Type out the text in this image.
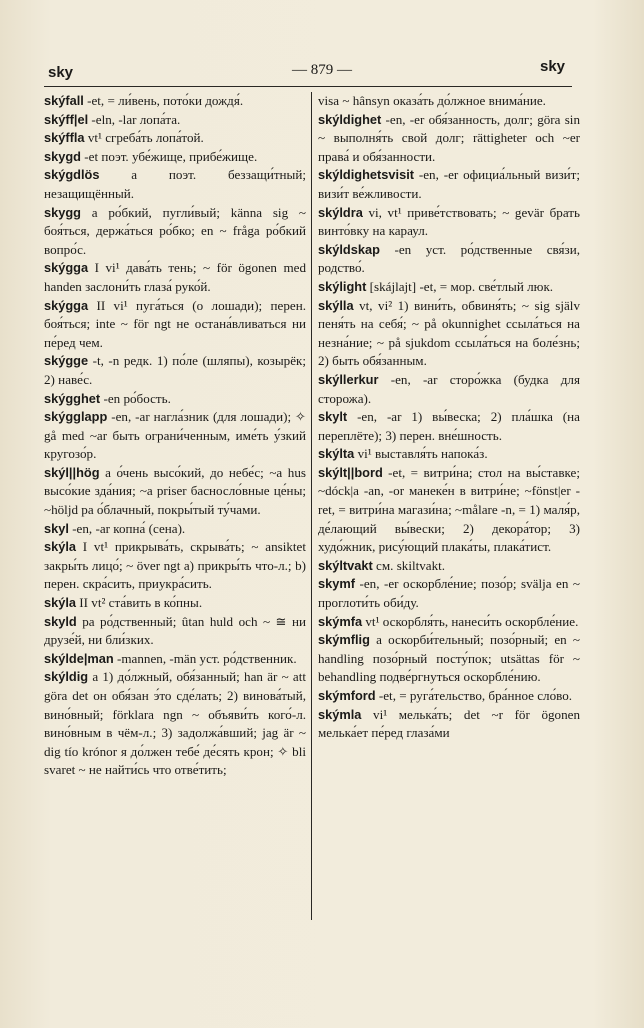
sky	— 879 —	sky

skýfall -et, = ли́вень, пото́ки дождя́.

skýff|el -eln, -lar лопа́та.

skýffla vt¹ сгреба́ть лопа́той.

skygd -et поэт. убе́жище, прибе́жище.

skýgdlös a поэт. беззащи́тный; незащищённый.

skygg a ро́бкий, пугли́вый; känna sig ~ боя́ться, держа́ться ро́бко; en ~ fråga ро́бкий вопро́с.

skýgga I vi¹ дава́ть тень; ~ för ögonen med handen заслони́ть глаза́ руко́й.

skýgga II vi¹ пуга́ться (о лошади); перен. боя́ться; inte ~ för ngt не остана́вливаться ни пе́ред чем.

skýgge -t, -n редк. 1) по́ле (шляпы), козырёк; 2) наве́с.

skýgghet -en ро́бость.

skýgglapp -en, -ar нагла́зник (для лошади); ✧ gå med ~ar быть ограни́ченным, име́ть у́зкий кругозо́р.

skýl||hög a о́чень высо́кий, до небе́с; ~a hus высо́кие зда́ния; ~a priser басносло́вные це́ны; ~höljd pa о́блачный, покры́тый ту́чами.

skyl -en, -ar копна́ (сена).

skýla I vt¹ прикрыва́ть, скрыва́ть; ~ ansiktet закры́ть лицо́; ~ över ngt a) прикры́ть что-л.; b) перен. скра́сить, приукра́сить.

skýla II vt² ста́вить в ко́пны.

skyld pa ро́дственный; ûtan huld och ~ ≅ ни друзе́й, ни бли́зких.

skýlde|man -mannen, -män уст. ро́дственник.

skýldig a 1) до́лжный, обя́занный; han är ~ att göra det он обя́зан э́то сде́лать; 2) винова́тый, вино́вный; förklara ngn ~ объяви́ть кого́-л. вино́вным в чём-л.; 3) задолжа́вший; jag är ~ dig tío krónor я до́лжен тебе́ де́сять крон; ✧ bli svaret ~ не найти́сь что отве́тить;

visa ~ hânsyn оказа́ть до́лжное внима́ние.

skýldighet -en, -er обя́занность, долг; göra sin ~ выполня́ть свой долг; rättigheter och ~er права́ и обя́занности.

skýldighetsvisit -en, -er официа́льный визи́т; визи́т ве́жливости.

skýldra vi, vt¹ приве́тствовать; ~ gevär брать винто́вку на караул.

skýldskap -en уст. ро́дственные свя́зи, родство́.

skýlight [skájlajt] -et, = мор. све́тлый люк.

skýlla vt, vi² 1) вини́ть, обвиня́ть; ~ sig själv пеня́ть на себя́; ~ på okunnighet ссыла́ться на незна́ние; ~ på sjukdom ссыла́ться на боле́знь; 2) быть обя́занным.

skýllerkur -en, -ar сторо́жка (будка для сторожа).

skylt -en, -ar 1) вы́веска; 2) пла́шка (на переплёте); 3) перен. вне́шность.

skýlta vi¹ выставля́ть напока́з.

skýlt||bord -et, = витри́на; стол на вы́ставке; ~dóck|a -an, -or манеке́н в витри́не; ~fönst|er -ret, = витри́на магази́на; ~målare -n, = 1) маля́р, де́лающий вы́вески; 2) декора́тор; 3) худо́жник, рису́ющий плака́ты, плака́тист.

skýltvakt см. skiltvakt.

skymf -en, -er оскорбле́ние; позо́р; svälja en ~ проглоти́ть оби́ду.

skýmfa vt¹ оскорбля́ть, нанеси́ть оскорбле́ние.

skýmflig a оскорби́тельный; позо́рный; en ~ handling позо́рный посту́пок; utsättas för ~ behandling подве́ргнуться оскорбле́нию.

skýmford -et, = руга́тельство, бра́нное сло́во.

skýmla vi¹ мелька́ть; det ~r för ögonen мелька́ет пе́ред глаза́ми
